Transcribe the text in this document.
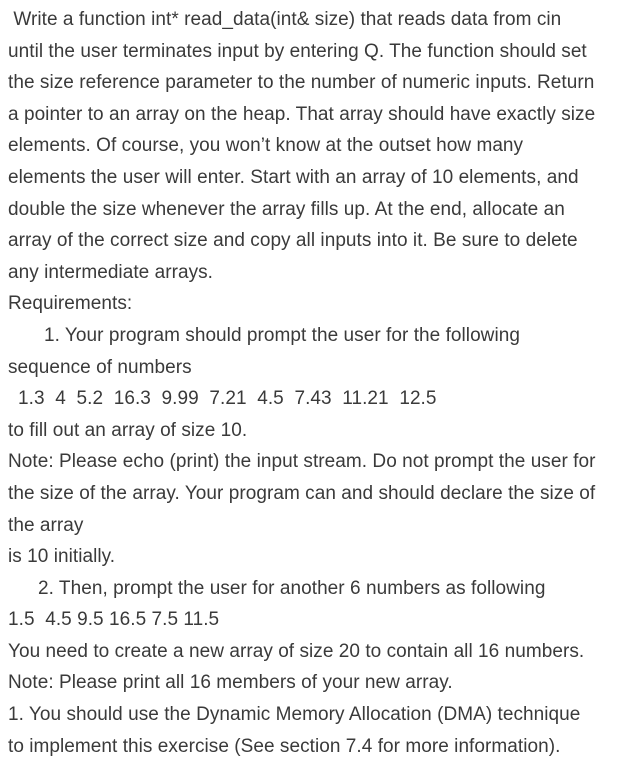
Write a function int* read_data(int& size) that reads data from cin
until the user terminates input by entering Q. The function should set
the size reference parameter to the number of numeric inputs. Return
a pointer to an array on the heap. That array should have exactly size
elements. Of course, you won’t know at the outset how many
elements the user will enter. Start with an array of 10 elements, and
double the size whenever the array fills up. At the end, allocate an
array of the correct size and copy all inputs into it. Be sure to delete
any intermediate arrays.
Requirements:
1. Your program should prompt the user for the following
sequence of numbers
1.3  4  5.2  16.3  9.99  7.21  4.5  7.43  11.21  12.5
to fill out an array of size 10.
Note: Please echo (print) the input stream. Do not prompt the user for
the size of the array. Your program can and should declare the size of
the array
is 10 initially.
2. Then, prompt the user for another 6 numbers as following
1.5  4.5 9.5 16.5 7.5 11.5
You need to create a new array of size 20 to contain all 16 numbers.
Note: Please print all 16 members of your new array.
1. You should use the Dynamic Memory Allocation (DMA) technique
to implement this exercise (See section 7.4 for more information).
